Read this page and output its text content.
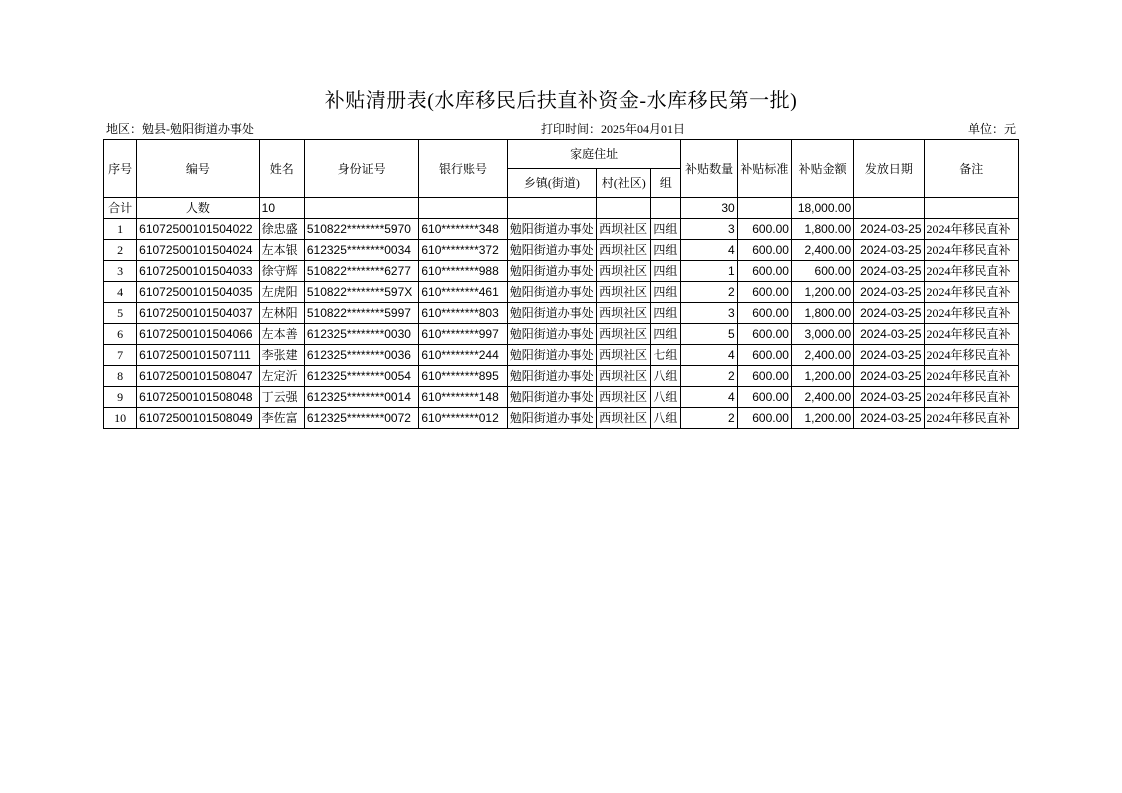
补贴清册表(水库移民后扶直补资金-水库移民第一批)
地区：勉县-勉阳街道办事处	打印时间：2025年04月01日	单位：元
序号	编号	姓名	身份证号	银行账号	家庭住址			补贴数量	补贴标准	补贴金额	发放日期	备注
					乡镇(街道)	村(社区)	组					
合计	人数	10						30		18,000.00		
1	61072500101504022	徐忠盛	510822********5970	610********348	勉阳街道办事处	西坝社区	四组	3	600.00	1,800.00	2024-03-25	2024年移民直补
2	61072500101504024	左本银	612325********0034	610********372	勉阳街道办事处	西坝社区	四组	4	600.00	2,400.00	2024-03-25	2024年移民直补
3	61072500101504033	徐守辉	510822********6277	610********988	勉阳街道办事处	西坝社区	四组	1	600.00	600.00	2024-03-25	2024年移民直补
4	61072500101504035	左虎阳	510822********597X	610********461	勉阳街道办事处	西坝社区	四组	2	600.00	1,200.00	2024-03-25	2024年移民直补
5	61072500101504037	左林阳	510822********5997	610********803	勉阳街道办事处	西坝社区	四组	3	600.00	1,800.00	2024-03-25	2024年移民直补
6	61072500101504066	左本善	612325********0030	610********997	勉阳街道办事处	西坝社区	四组	5	600.00	3,000.00	2024-03-25	2024年移民直补
7	61072500101507111	李张建	612325********0036	610********244	勉阳街道办事处	西坝社区	七组	4	600.00	2,400.00	2024-03-25	2024年移民直补
8	61072500101508047	左定沂	612325********0054	610********895	勉阳街道办事处	西坝社区	八组	2	600.00	1,200.00	2024-03-25	2024年移民直补
9	61072500101508048	丁云强	612325********0014	610********148	勉阳街道办事处	西坝社区	八组	4	600.00	2,400.00	2024-03-25	2024年移民直补
10	61072500101508049	李佐富	612325********0072	610********012	勉阳街道办事处	西坝社区	八组	2	600.00	1,200.00	2024-03-25	2024年移民直补
